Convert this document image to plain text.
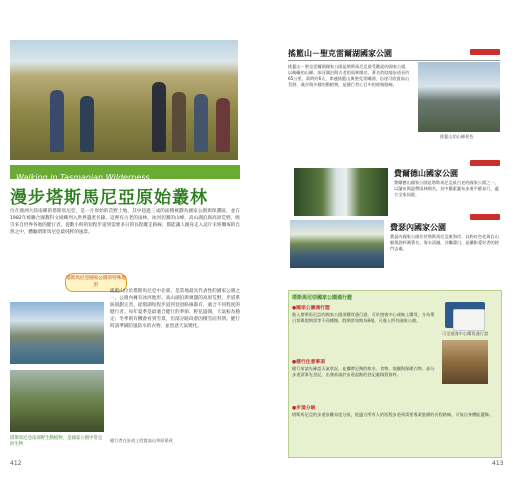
Walking in Tasmanian Wilderness
漫步塔斯馬尼亞原始叢林
位在澳洲大陸南陲的塔斯馬尼亞，是一片原始的荒野土地，其中超過三成的面積被劃為國家公園與保護區，並在1982年被聯合國教科文組織列入世界遺產名錄。這裡有古老的雨林、冰河切割的山峰、高山湖泊與高原荒野，吸引來自世界各地的健行者。從數小時的短程步道到需要多日的長程縱走路線，都能讓人親身走入這片未經雕琢的自然之中，體驗塔斯馬尼亞最純粹的風景。
塔斯馬尼亞國家公園的特殊地形
塔斯馬尼亞南部野生動植物，是國家公園中常見的生物
搖籃山位於塔斯馬尼亞中北部，是當地最具代表性的國家公園之一。公園內擁有冰河地形、高山湖泊與廣闊的高原荒野，步道系統規劃完善，從環湖短程步道到登頂路線都有，適合不同程度的健行者。每年夏季是最適合健行的季節，野花盛開，天氣較為穩定；冬季則有機會看到雪景，但部分路段會因積雪而封閉。健行時請準備防風防水的衣物，並留意天氣變化。
健行者在步道上欣賞高山草原景致
412
搖籃山－聖克雷爾湖國家公園
搖籃山－聖克雷爾湖國家公園是塔斯馬尼亞最受歡迎的國家公園，以崎嶇的山峰、冰河湖泊與古老的雨林聞名。著名的陸地步道長約65公里，需時約6天，串連搖籃山與聖克雷爾湖，沿途可欣賞高山荒野、溪谷與多樣的動植物，是健行者心目中的經典路線。
搖籃山的山峰景色
費爾德山國家公園
費爾德山國家公園是塔斯馬尼亞最古老的國家公園之一，以瀑布與溫帶雨林聞名，其中羅素瀑布步道平緩易行，適合全家同遊。
費瑟內國家公園
費瑟內國家公園位於塔斯馬尼亞東海岸，以粉紅色花崗岩山脈與酒杯灣著名，海水清澈，沙灘潔白，是攝影愛好者的熱門去處。
塔斯馬尼亞國家公園通行證
●國家公園通行證
進入塔斯馬尼亞的國家公園須購買通行證，可於遊客中心或線上購買，分為單日票與假期票等不同種類，假期票效期為8週，可進入所有國家公園。
●健行注意事項
健行前請先確認天氣狀況，並攜帶足夠的飲水、食物、地圖與保暖衣物。部分步道須事先登記，出發前請於步道起點的登記處填寫資料。
●步道分級
塔斯馬尼亞的步道依難易度分級，從適合所有人的短程步道到需要專業裝備的長程路線，可依自身體能選擇。
可至遊客中心購買通行證
413
